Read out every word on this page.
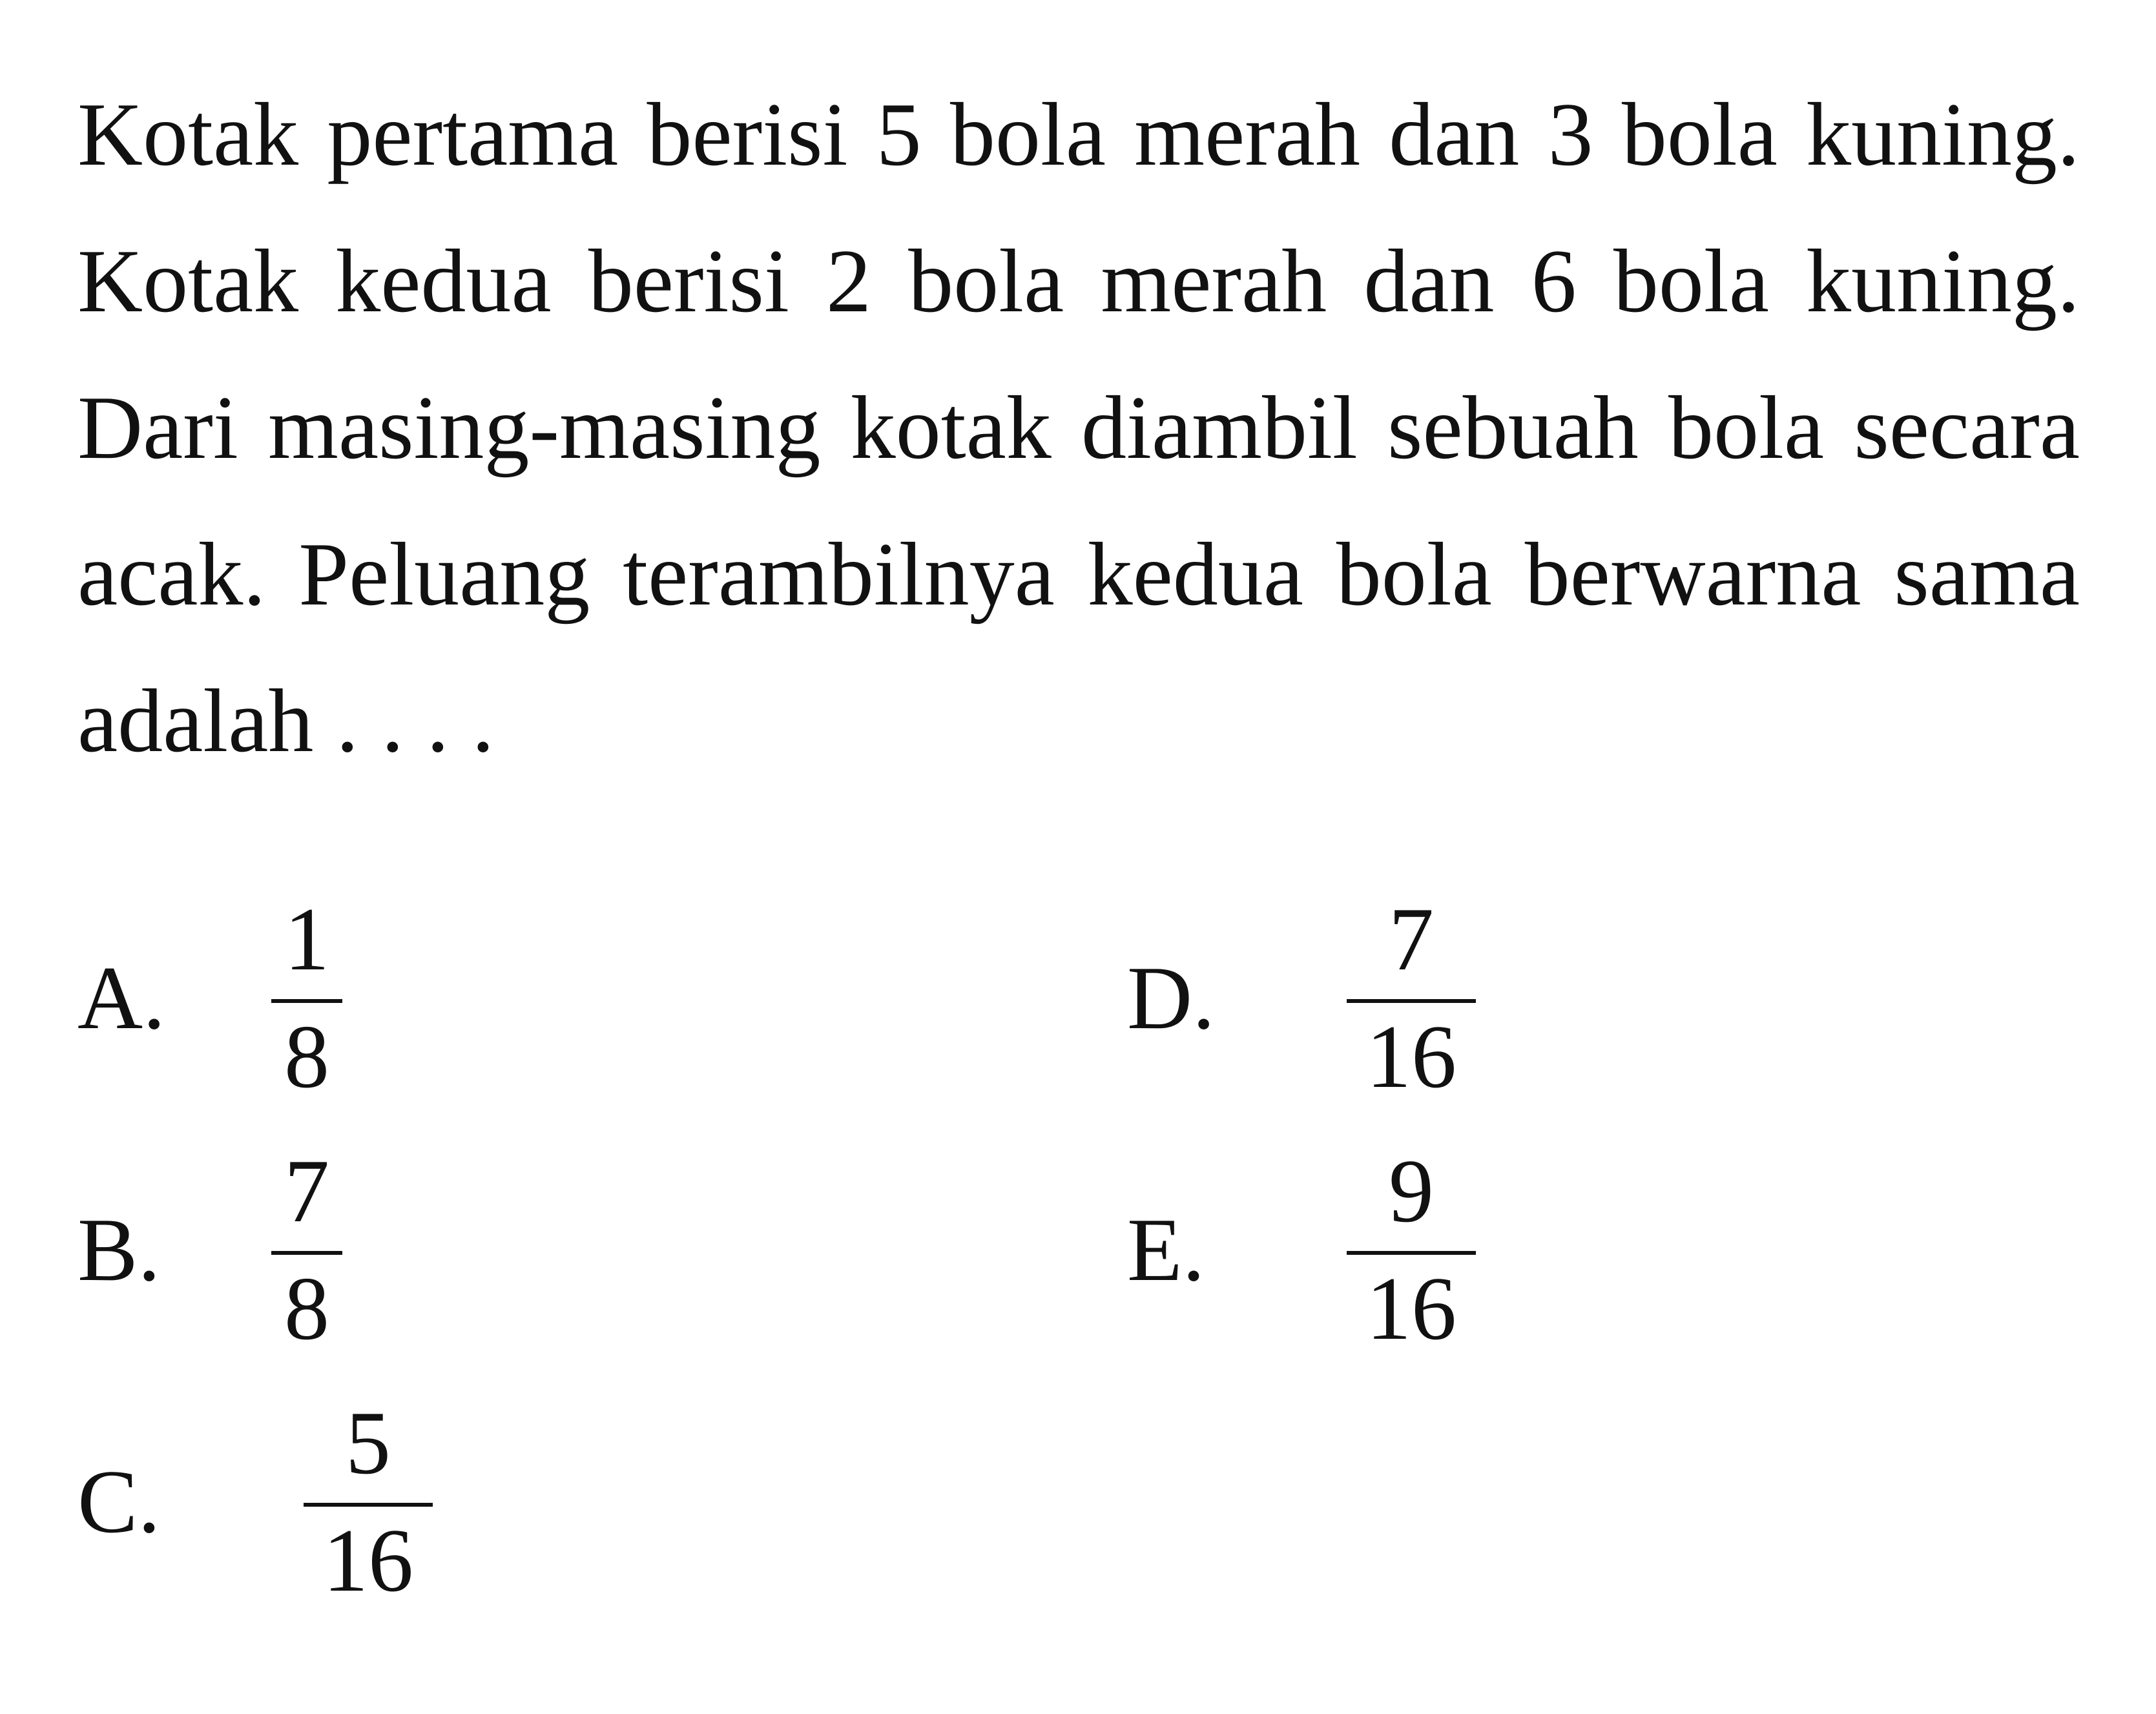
Kotak pertama berisi 5 bola merah dan 3 bola kuning. Kotak kedua berisi 2 bola merah dan 6 bola kuning. Dari masing-masing kotak diambil sebuah bola secara acak. Peluang terambilnya kedua bola berwarna sama adalah . . . .

A.
1
8
B.
7
8
C.
5
16
D.
7
16
E.
9
16
